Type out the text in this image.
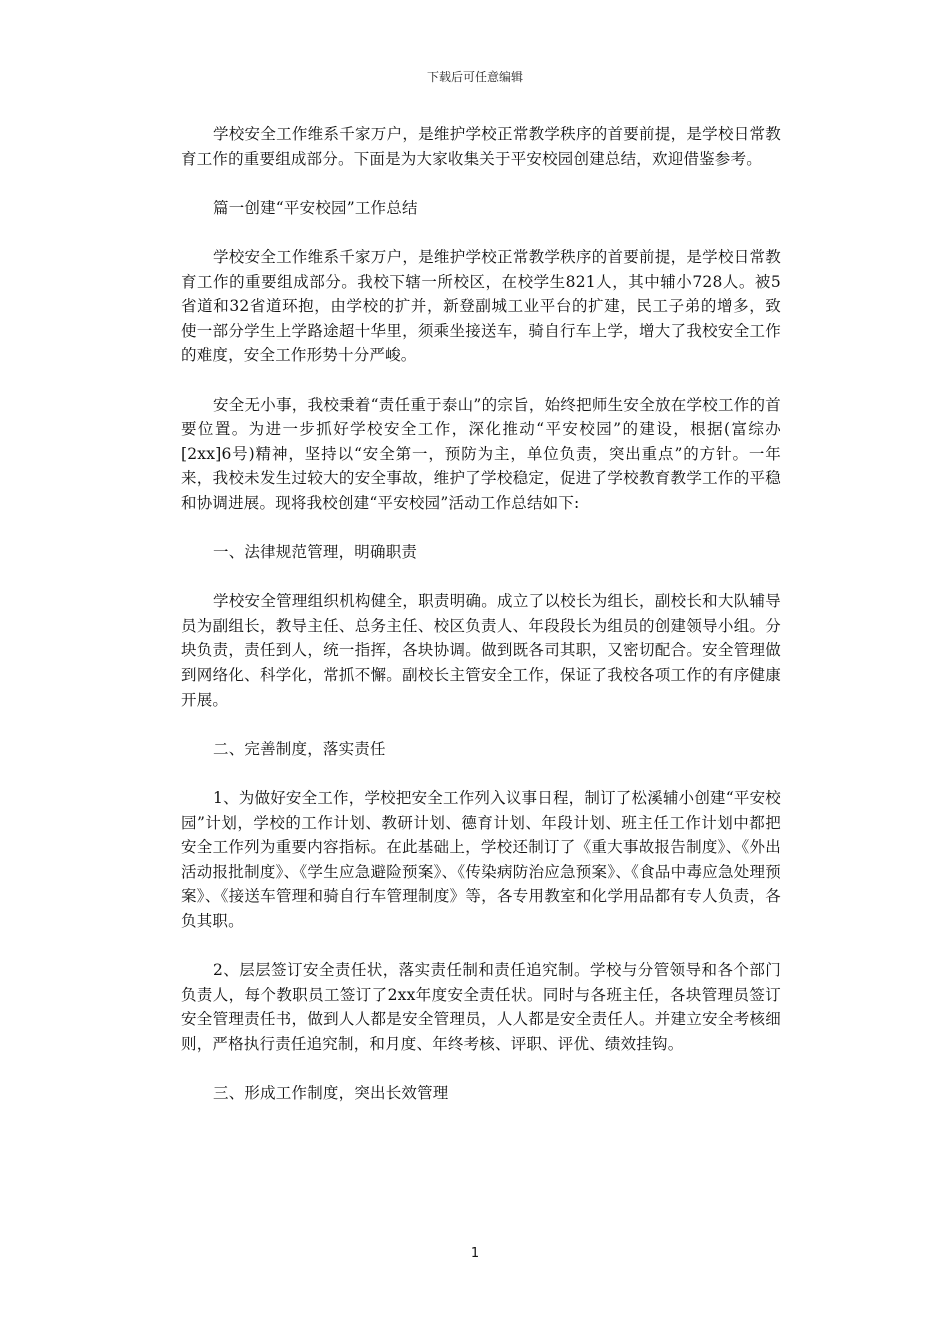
下载后可任意编辑

学校安全工作维系千家万户，是维护学校正常教学秩序的首要前提，是学校日常教育工作的重要组成部分。下面是为大家收集关于平安校园创建总结，欢迎借鉴参考。

篇一创建“平安校园”工作总结

学校安全工作维系千家万户，是维护学校正常教学秩序的首要前提，是学校日常教育工作的重要组成部分。我校下辖一所校区，在校学生821人，其中辅小728人。被5省道和32省道环抱，由学校的扩并，新登副城工业平台的扩建，民工子弟的增多，致使一部分学生上学路途超十华里，须乘坐接送车，骑自行车上学，增大了我校安全工作的难度，安全工作形势十分严峻。

安全无小事，我校秉着“责任重于泰山”的宗旨，始终把师生安全放在学校工作的首要位置。为进一步抓好学校安全工作，深化推动“平安校园”的建设，根据(富综办[2xx]6号)精神，坚持以“安全第一，预防为主，单位负责，突出重点”的方针。一年来，我校未发生过较大的安全事故，维护了学校稳定，促进了学校教育教学工作的平稳和协调进展。现将我校创建“平安校园”活动工作总结如下:

一、法律规范管理，明确职责

学校安全管理组织机构健全，职责明确。成立了以校长为组长，副校长和大队辅导员为副组长，教导主任、总务主任、校区负责人、年段段长为组员的创建领导小组。分块负责，责任到人，统一指挥，各块协调。做到既各司其职，又密切配合。安全管理做到网络化、科学化，常抓不懈。副校长主管安全工作，保证了我校各项工作的有序健康开展。

二、完善制度，落实责任

1、为做好安全工作，学校把安全工作列入议事日程，制订了松溪辅小创建“平安校园”计划，学校的工作计划、教研计划、德育计划、年段计划、班主任工作计划中都把安全工作列为重要内容指标。在此基础上，学校还制订了《重大事故报告制度》、《外出活动报批制度》、《学生应急避险预案》、《传染病防治应急预案》、《食品中毒应急处理预案》、《接送车管理和骑自行车管理制度》等，各专用教室和化学用品都有专人负责，各负其职。

2、层层签订安全责任状，落实责任制和责任追究制。学校与分管领导和各个部门负责人，每个教职员工签订了2xx年度安全责任状。同时与各班主任，各块管理员签订安全管理责任书，做到人人都是安全管理员，人人都是安全责任人。并建立安全考核细则，严格执行责任追究制，和月度、年终考核、评职、评优、绩效挂钩。

三、形成工作制度，突出长效管理

1
